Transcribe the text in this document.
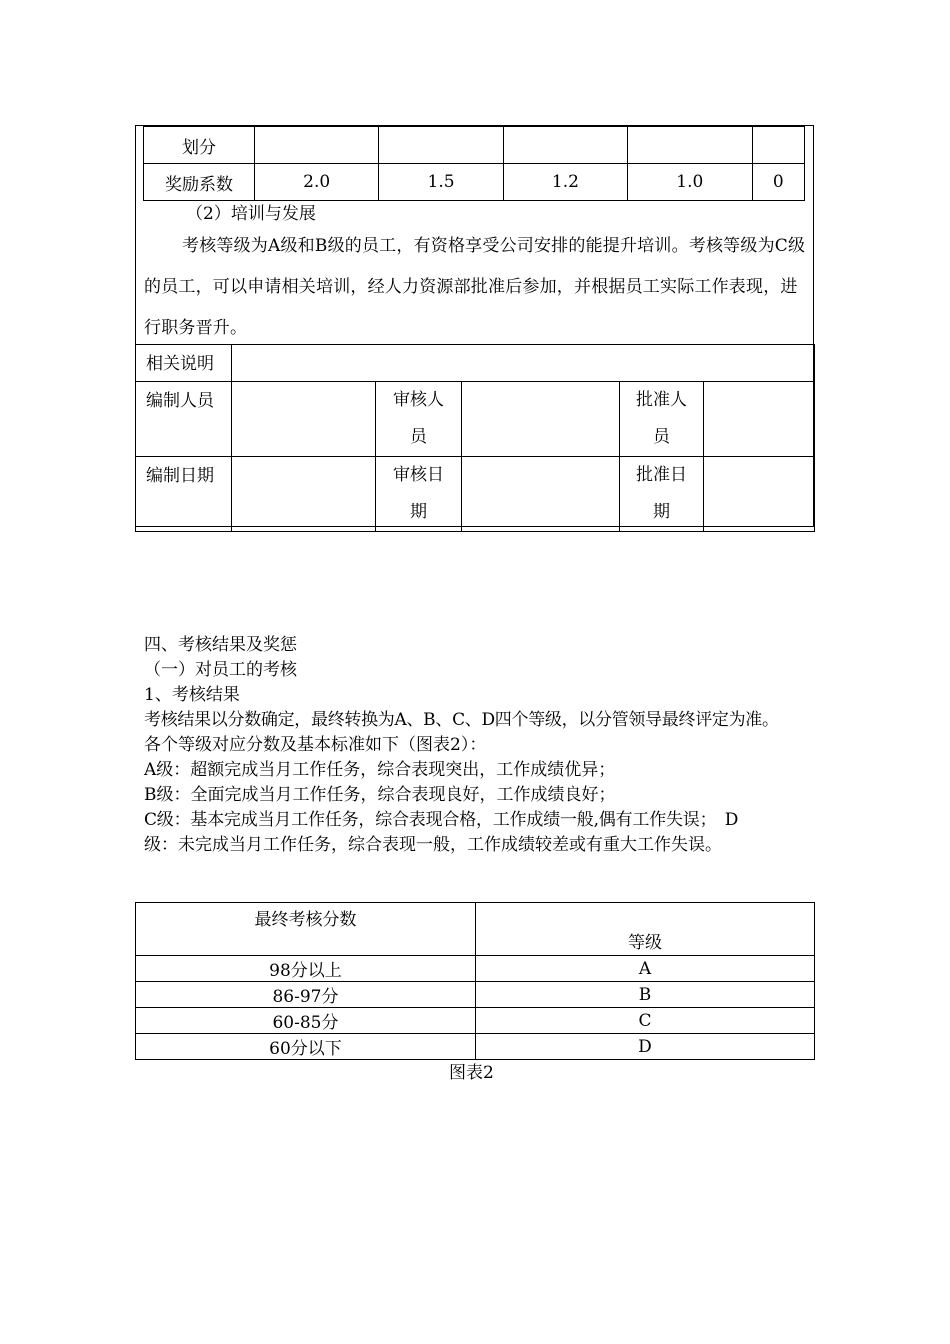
划分					
奖励系数	2.0	1.5	1.2	1.0	0
（2）培训与发展
考核等级为A级和B级的员工，有资格享受公司安排的能提升培训。考核等级为C级的员工，可以申请相关培训，经人力资源部批准后参加，并根据员工实际工作表现，进行职务晋升。
相关说明					
编制人员		审核人员		批准人员	

编制日期		审核日期		批准日期	

四、考核结果及奖惩
（一）对员工的考核
1、考核结果
考核结果以分数确定，最终转换为A、B、C、D四个等级，以分管领导最终评定为准。
各个等级对应分数及基本标准如下（图表2）：
A级：超额完成当月工作任务，综合表现突出，工作成绩优异；
B级：全面完成当月工作任务，综合表现良好，工作成绩良好；
C级：基本完成当月工作任务，综合表现合格，工作成绩一般,偶有工作失误；　D
级：未完成当月工作任务，综合表现一般，工作成绩较差或有重大工作失误。
最终考核分数	等级
98分以上	A
86-97分	B
60-85分	C
60分以下	D
图表2
